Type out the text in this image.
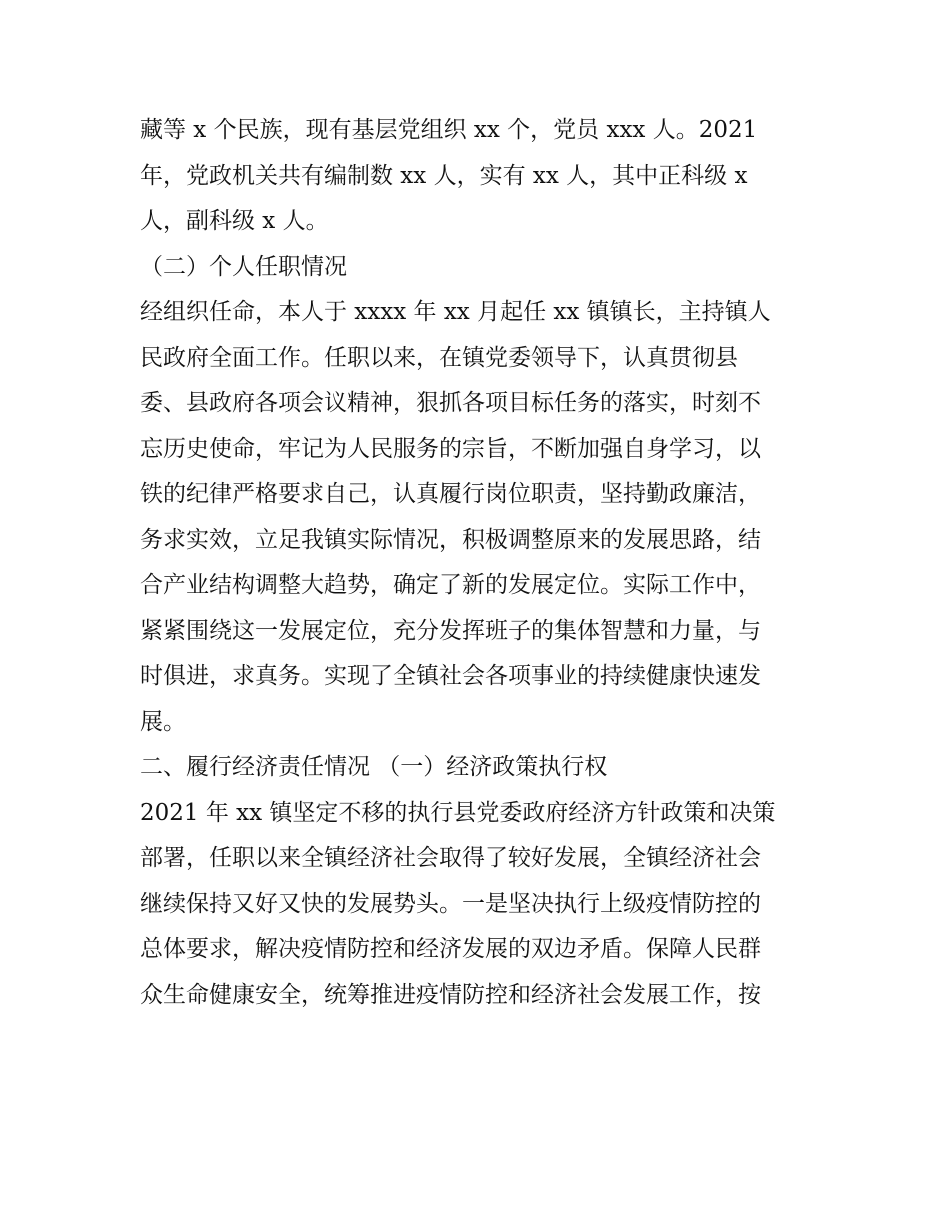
藏等 x 个民族，现有基层党组织 xx 个，党员 xxx 人。2021
年，党政机关共有编制数 xx 人，实有 xx 人，其中正科级 x
人，副科级 x 人。
（二）个人任职情况
经组织任命，本人于 xxxx 年 xx 月起任 xx 镇镇长，主持镇人
民政府全面工作。任职以来，在镇党委领导下，认真贯彻县
委、县政府各项会议精神，狠抓各项目标任务的落实，时刻不
忘历史使命，牢记为人民服务的宗旨，不断加强自身学习，以
铁的纪律严格要求自己，认真履行岗位职责，坚持勤政廉洁，
务求实效，立足我镇实际情况，积极调整原来的发展思路，结
合产业结构调整大趋势，确定了新的发展定位。实际工作中，
紧紧围绕这一发展定位，充分发挥班子的集体智慧和力量，与
时俱进，求真务。实现了全镇社会各项事业的持续健康快速发
展。
二、履行经济责任情况 （一）经济政策执行权
2021 年 xx 镇坚定不移的执行县党委政府经济方针政策和决策
部署，任职以来全镇经济社会取得了较好发展，全镇经济社会
继续保持又好又快的发展势头。一是坚决执行上级疫情防控的
总体要求，解决疫情防控和经济发展的双边矛盾。保障人民群
众生命健康安全，统筹推进疫情防控和经济社会发展工作，按
